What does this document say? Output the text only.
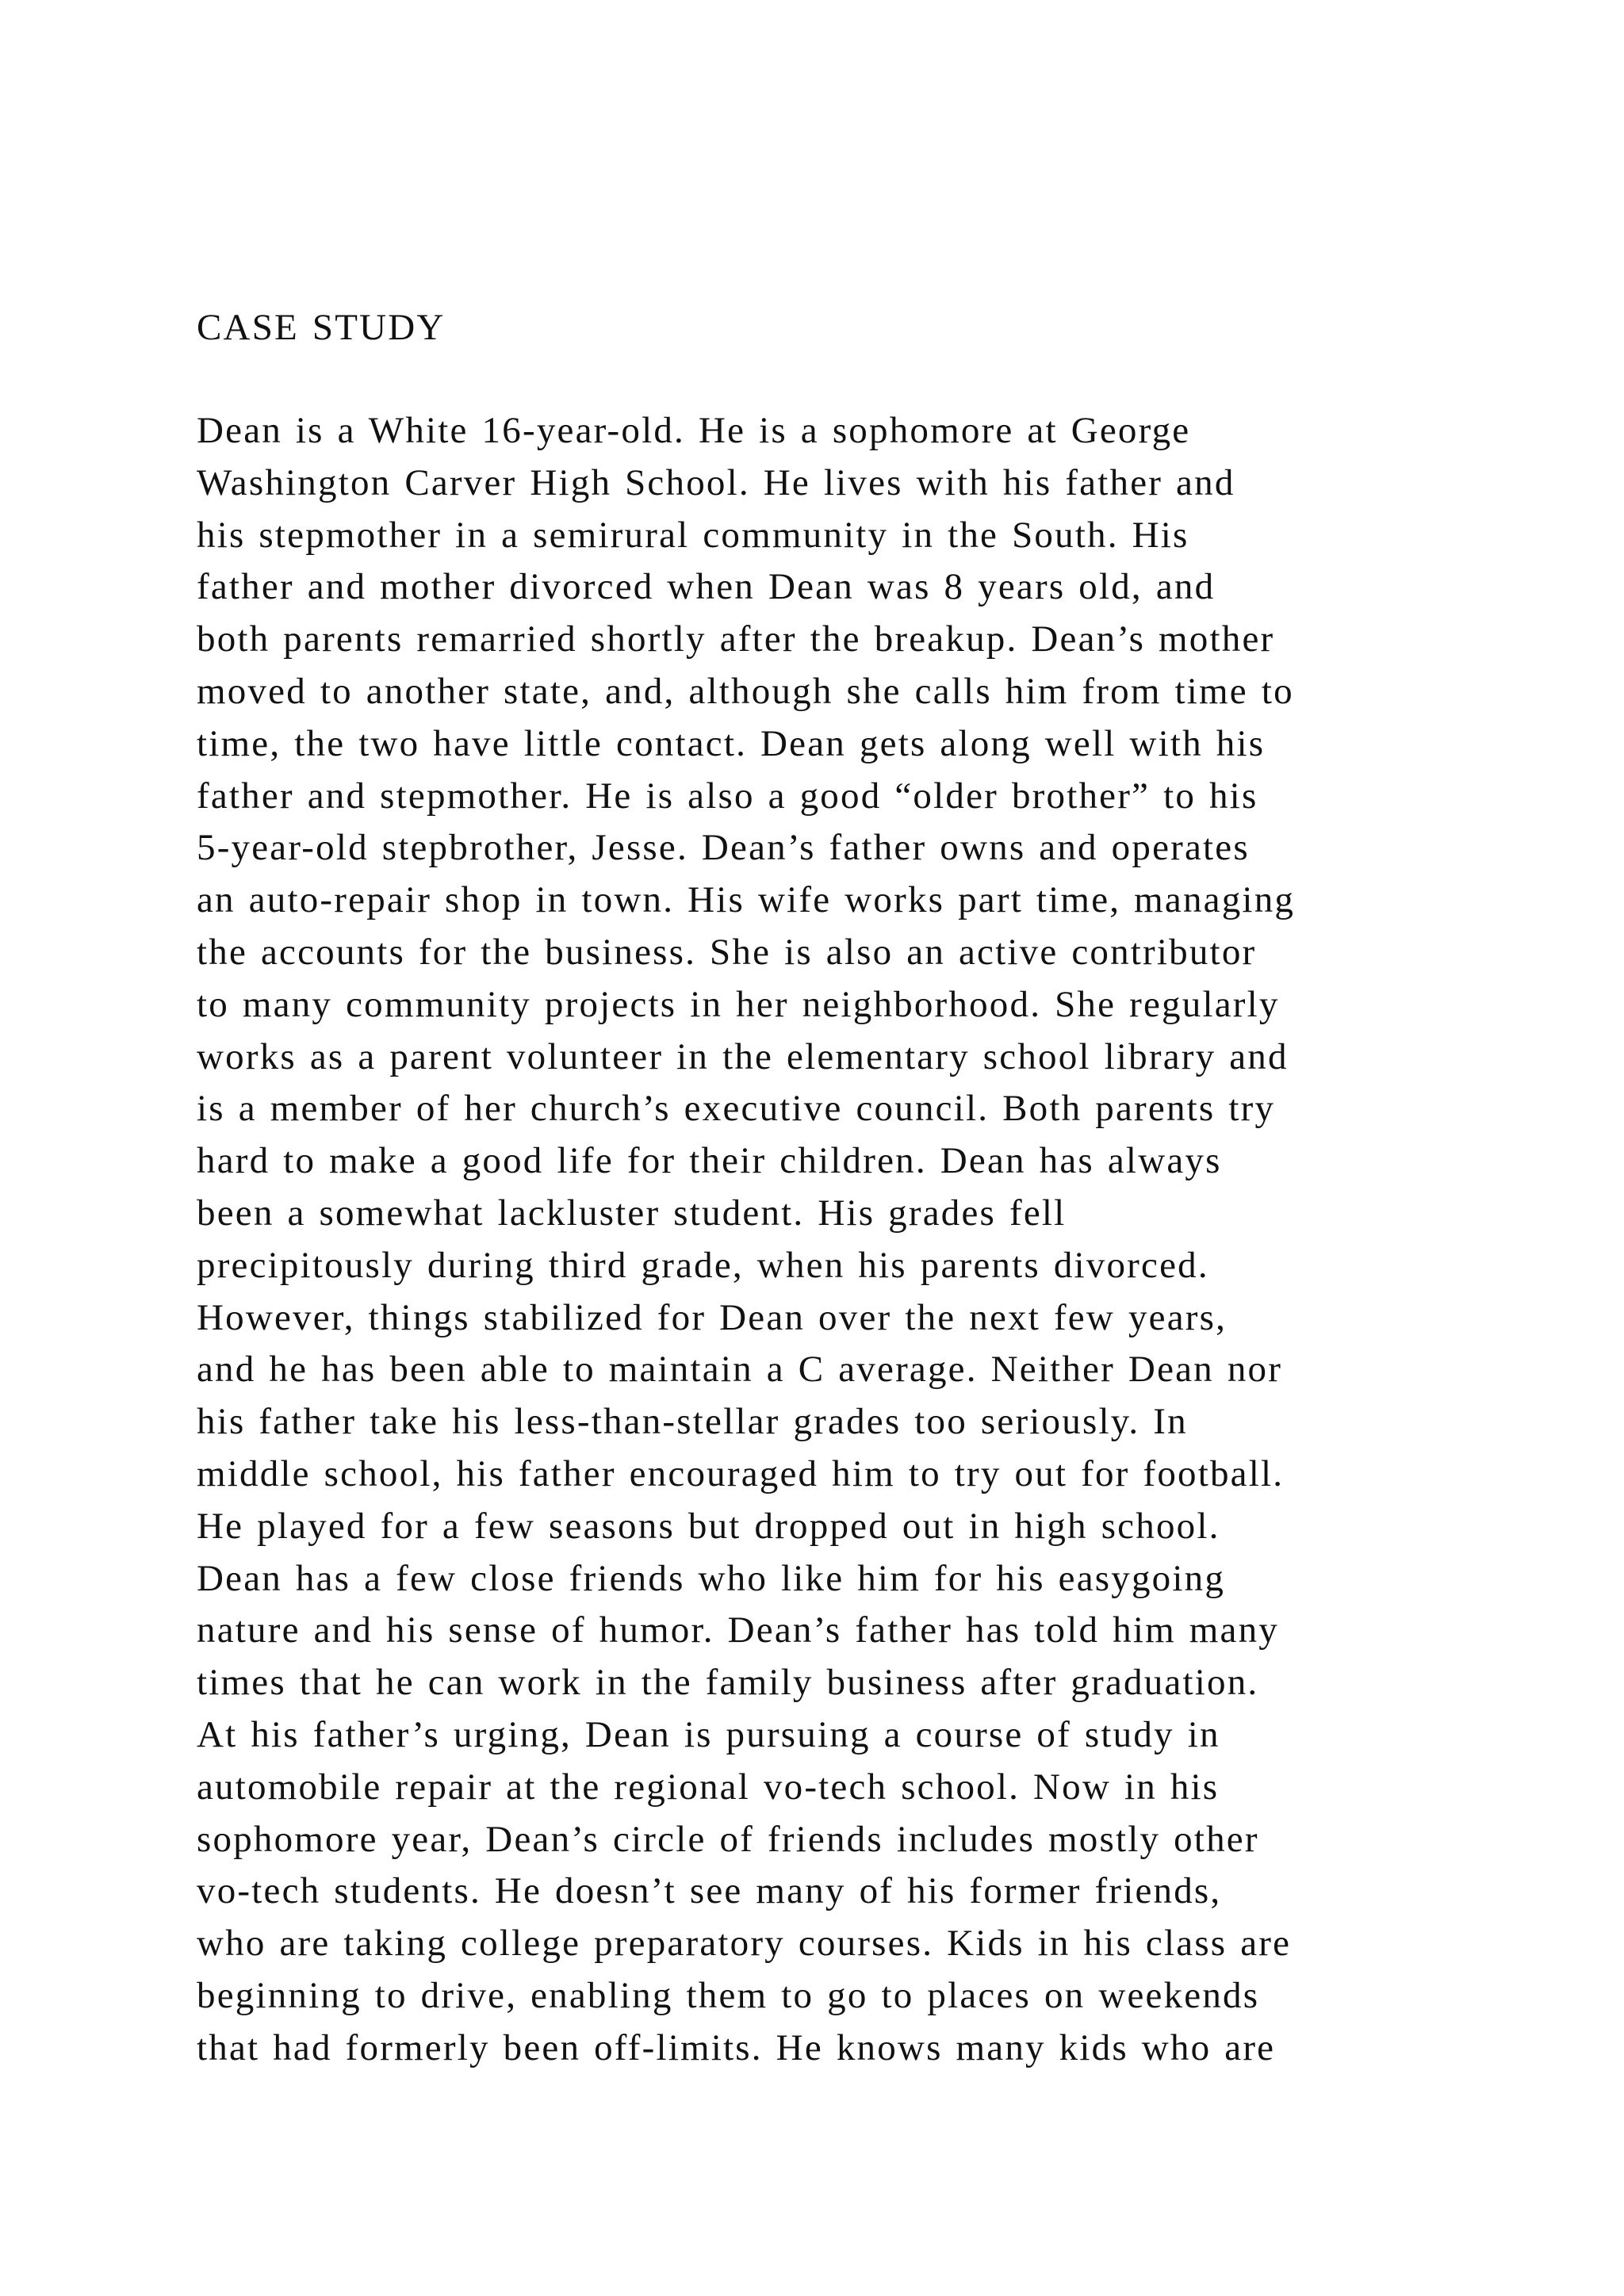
CASE STUDY
Dean is a White 16-year-old. He is a sophomore at George
Washington Carver High School. He lives with his father and
his stepmother in a semirural community in the South. His
father and mother divorced when Dean was 8 years old, and
both parents remarried shortly after the breakup. Dean’s mother
moved to another state, and, although she calls him from time to
time, the two have little contact. Dean gets along well with his
father and stepmother. He is also a good “older brother” to his
5-year-old stepbrother, Jesse. Dean’s father owns and operates
an auto-repair shop in town. His wife works part time, managing
the accounts for the business. She is also an active contributor
to many community projects in her neighborhood. She regularly
works as a parent volunteer in the elementary school library and
is a member of her church’s executive council. Both parents try
hard to make a good life for their children. Dean has always
been a somewhat lackluster student. His grades fell
precipitously during third grade, when his parents divorced.
However, things stabilized for Dean over the next few years,
and he has been able to maintain a C average. Neither Dean nor
his father take his less-than-stellar grades too seriously. In
middle school, his father encouraged him to try out for football.
He played for a few seasons but dropped out in high school.
Dean has a few close friends who like him for his easygoing
nature and his sense of humor. Dean’s father has told him many
times that he can work in the family business after graduation.
At his father’s urging, Dean is pursuing a course of study in
automobile repair at the regional vo-tech school. Now in his
sophomore year, Dean’s circle of friends includes mostly other
vo-tech students. He doesn’t see many of his former friends,
who are taking college preparatory courses. Kids in his class are
beginning to drive, enabling them to go to places on weekends
that had formerly been off-limits. He knows many kids who are
